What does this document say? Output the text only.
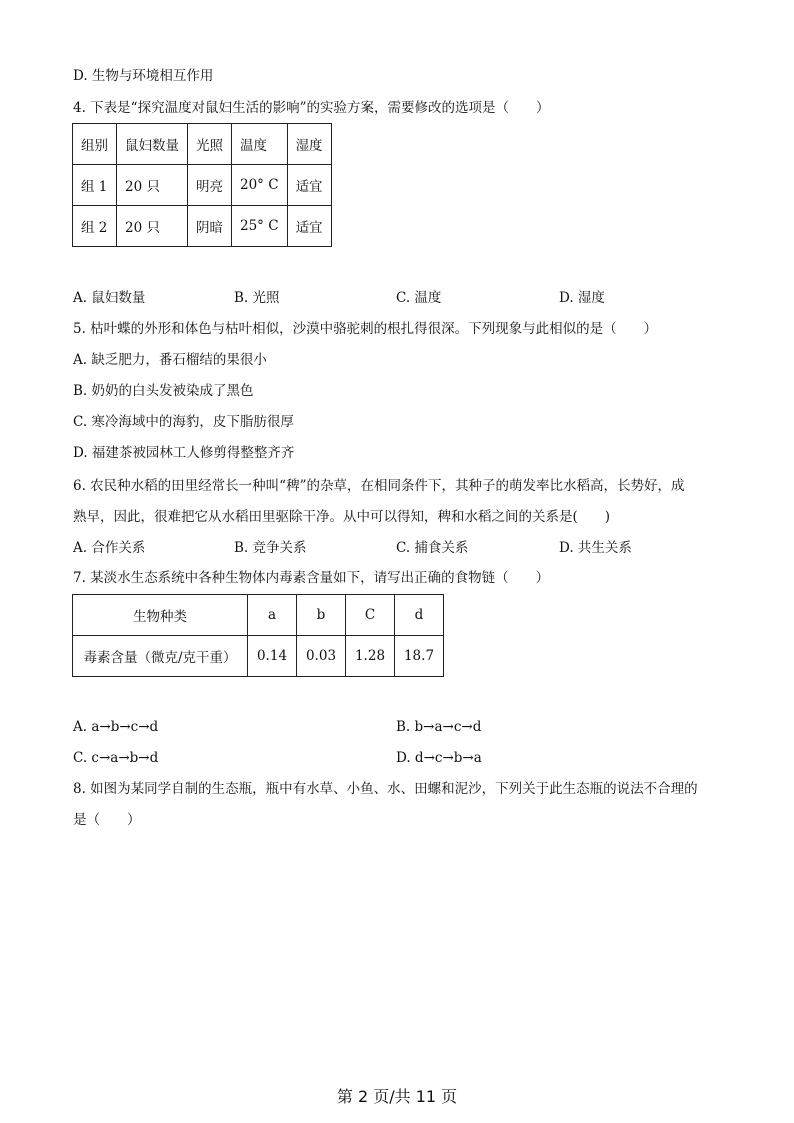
D. 生物与环境相互作用
4. 下表是“探究温度对鼠妇生活的影响”的实验方案，需要修改的选项是（　　）
组别	鼠妇数量	光照	温度	湿度
组 1	20 只	明亮	20° C	适宜
组 2	20 只	阴暗	25° C	适宜
A. 鼠妇数量	B. 光照	C. 温度	D. 湿度
5. 枯叶蝶的外形和体色与枯叶相似，沙漠中骆驼刺的根扎得很深。下列现象与此相似的是（　　）
A. 缺乏肥力，番石榴结的果很小
B. 奶奶的白头发被染成了黑色
C. 寒冷海域中的海豹，皮下脂肪很厚
D. 福建茶被园林工人修剪得整整齐齐
6. 农民种水稻的田里经常长一种叫“稗”的杂草，在相同条件下，其种子的萌发率比水稻高，长势好，成
熟早，因此，很难把它从水稻田里驱除干净。从中可以得知，稗和水稻之间的关系是(　　)
A. 合作关系	B. 竞争关系	C. 捕食关系	D. 共生关系
7. 某淡水生态系统中各种生物体内毒素含量如下，请写出正确的食物链（　　）
生物种类	a	b	C	d
毒素含量（微克/克干重）	0.14	0.03	1.28	18.7
A. a→b→c→d	B. b→a→c→d
C. c→a→b→d	D. d→c→b→a
8. 如图为某同学自制的生态瓶，瓶中有水草、小鱼、水、田螺和泥沙，下列关于此生态瓶的说法不合理的
是（　　）
第 2 页/共 11 页
